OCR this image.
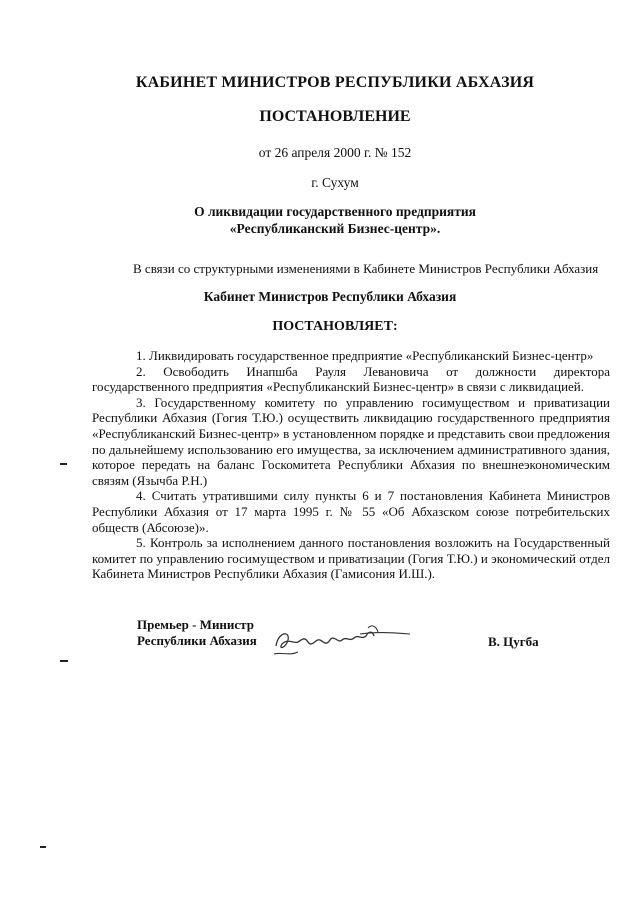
КАБИНЕТ МИНИСТРОВ РЕСПУБЛИКИ АБХАЗИЯ
ПОСТАНОВЛЕНИЕ
от 26 апреля 2000 г. № 152
г. Сухум
О ликвидации государственного предприятия
«Республиканский Бизнес-центр».
В связи со структурными изменениями в Кабинете Министров Республики Абхазия
Кабинет Министров Республики Абхазия
ПОСТАНОВЛЯЕТ:

1. Ликвидировать государственное предприятие «Республиканский Бизнес-центр»

2. Освободить Инапшба Рауля Левановича от должности директора государственного предприятия «Республиканский Бизнес-центр» в связи с ликвидацией.

3. Государственному комитету по управлению госимуществом и приватизации Республики Абхазия (Гогия Т.Ю.) осуществить ликвидацию государственного предприятия «Республиканский Бизнес-центр» в установленном порядке и представить свои предложения по дальнейшему использованию его имущества, за исключением административного здания, которое передать на баланс Госкомитета Республики Абхазия по внешнеэкономическим связям (Язычба Р.Н.)

4. Считать утратившими силу пункты 6 и 7 постановления Кабинета Министров Республики Абхазия от 17 марта 1995 г. № 55 «Об Абхазском союзе потребительских обществ (Абсоюзе)».

5. Контроль за исполнением данного постановления возложить на Государственный комитет по управлению госимуществом и приватизации (Гогия Т.Ю.) и экономический отдел Кабинета Министров Республики Абхазия (Гамисония И.Ш.).

Премьер - Министр
Республики Абхазия	В. Цугба
